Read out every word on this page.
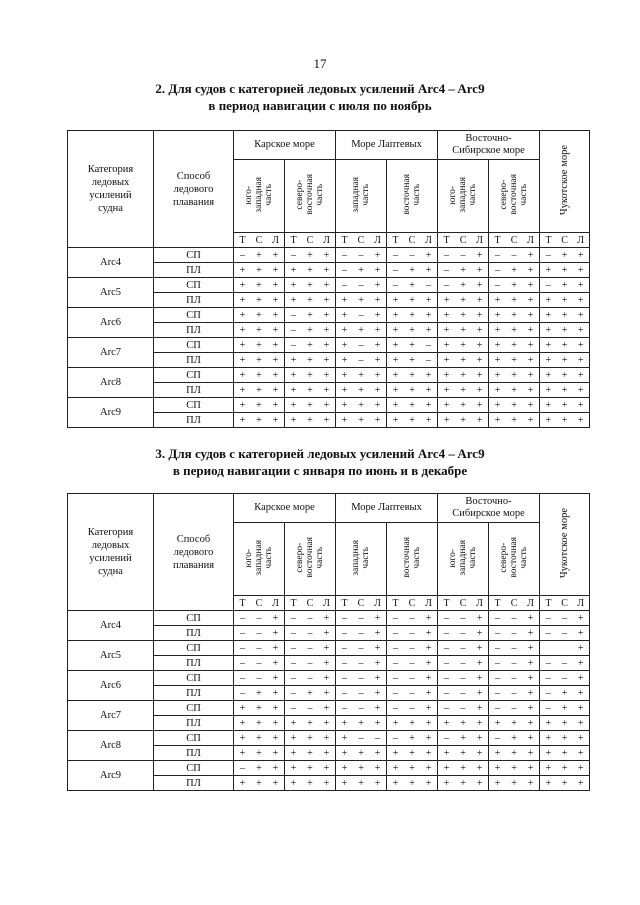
17
2. Для судов с категорией ледовых усилений Arc4 – Arc9
в период навигации с июля по ноябрь
Категория
ледовых
усилений
судна	Способ
ледового
плавания	Карское море		Море Лаптевых		Восточно-
Сибирское море		Чукотское море
		юго-
западная
часть	северо-
восточная
часть	западная
часть	восточная
часть	юго-
западная
часть	северо-
восточная
часть	
		Т С Л	Т С Л	Т С Л	Т С Л	Т С Л	Т С Л	Т С Л
Arc4	СП	– + +	– + +	– – +	– – +	– – +	– – +	– + +
	ПЛ	+ + +	+ + +	– + +	– + +	– + +	– + +	+ + +
Arc5	СП	+ + +	+ + +	– – +	– + –	– + +	– + +	– + +
	ПЛ	+ + +	+ + +	+ + +	+ + +	+ + +	+ + +	+ + +
Arc6	СП	+ + +	– + +	+ – +	+ + +	+ + +	+ + +	+ + +
	ПЛ	+ + +	– + +	+ + +	+ + +	+ + +	+ + +	+ + +
Arc7	СП	+ + +	– + +	+ – +	+ + –	+ + +	+ + +	+ + +
	ПЛ	+ + +	+ + +	+ – +	+ + –	+ + +	+ + +	+ + +
Arc8	СП	+ + +	+ + +	+ + +	+ + +	+ + +	+ + +	+ + +
	ПЛ	+ + +	+ + +	+ + +	+ + +	+ + +	+ + +	+ + +
Arc9	СП	+ + +	+ + +	+ + +	+ + +	+ + +	+ + +	+ + +
	ПЛ	+ + +	+ + +	+ + +	+ + +	+ + +	+ + +	+ + +
3. Для судов с категорией ледовых усилений Arc4 – Arc9
в период навигации с января по июнь и в декабре
Категория
ледовых
усилений
судна	Способ
ледового
плавания	Карское море		Море Лаптевых		Восточно-
Сибирское море		Чукотское море
		юго-
западная
часть	северо-
восточная
часть	западная
часть	восточная
часть	юго-
западная
часть	северо-
восточная
часть	
		Т С Л	Т С Л	Т С Л	Т С Л	Т С Л	Т С Л	Т С Л
Arc4	СП	– – +	– – +	– – +	– – +	– – +	– – +	– – +
	ПЛ	– – +	– – +	– – +	– – +	– – +	– – +	– – +
Arc5	СП	– – +	– – +	– – +	– – +	– – +	– – +	+
	ПЛ	– – +	– – +	– – +	– – +	– – +	– – +	– – +
Arc6	СП	– – +	– – +	– – +	– – +	– – +	– – +	– – +
	ПЛ	– + +	– + +	– – +	– – +	– – +	– – +	– + +
Arc7	СП	+ + +	– – +	– – +	– – +	– – +	– – +	– + +
	ПЛ	+ + +	+ + +	+ + +	+ + +	+ + +	+ + +	+ + +
Arc8	СП	+ + +	+ + +	+ – –	– + +	– + +	– + +	+ + +
	ПЛ	+ + +	+ + +	+ + +	+ + +	+ + +	+ + +	+ + +
Arc9	СП	– + +	+ + +	+ + +	+ + +	+ + +	+ + +	+ + +
	ПЛ	+ + +	+ + +	+ + +	+ + +	+ + +	+ + +	+ + +
